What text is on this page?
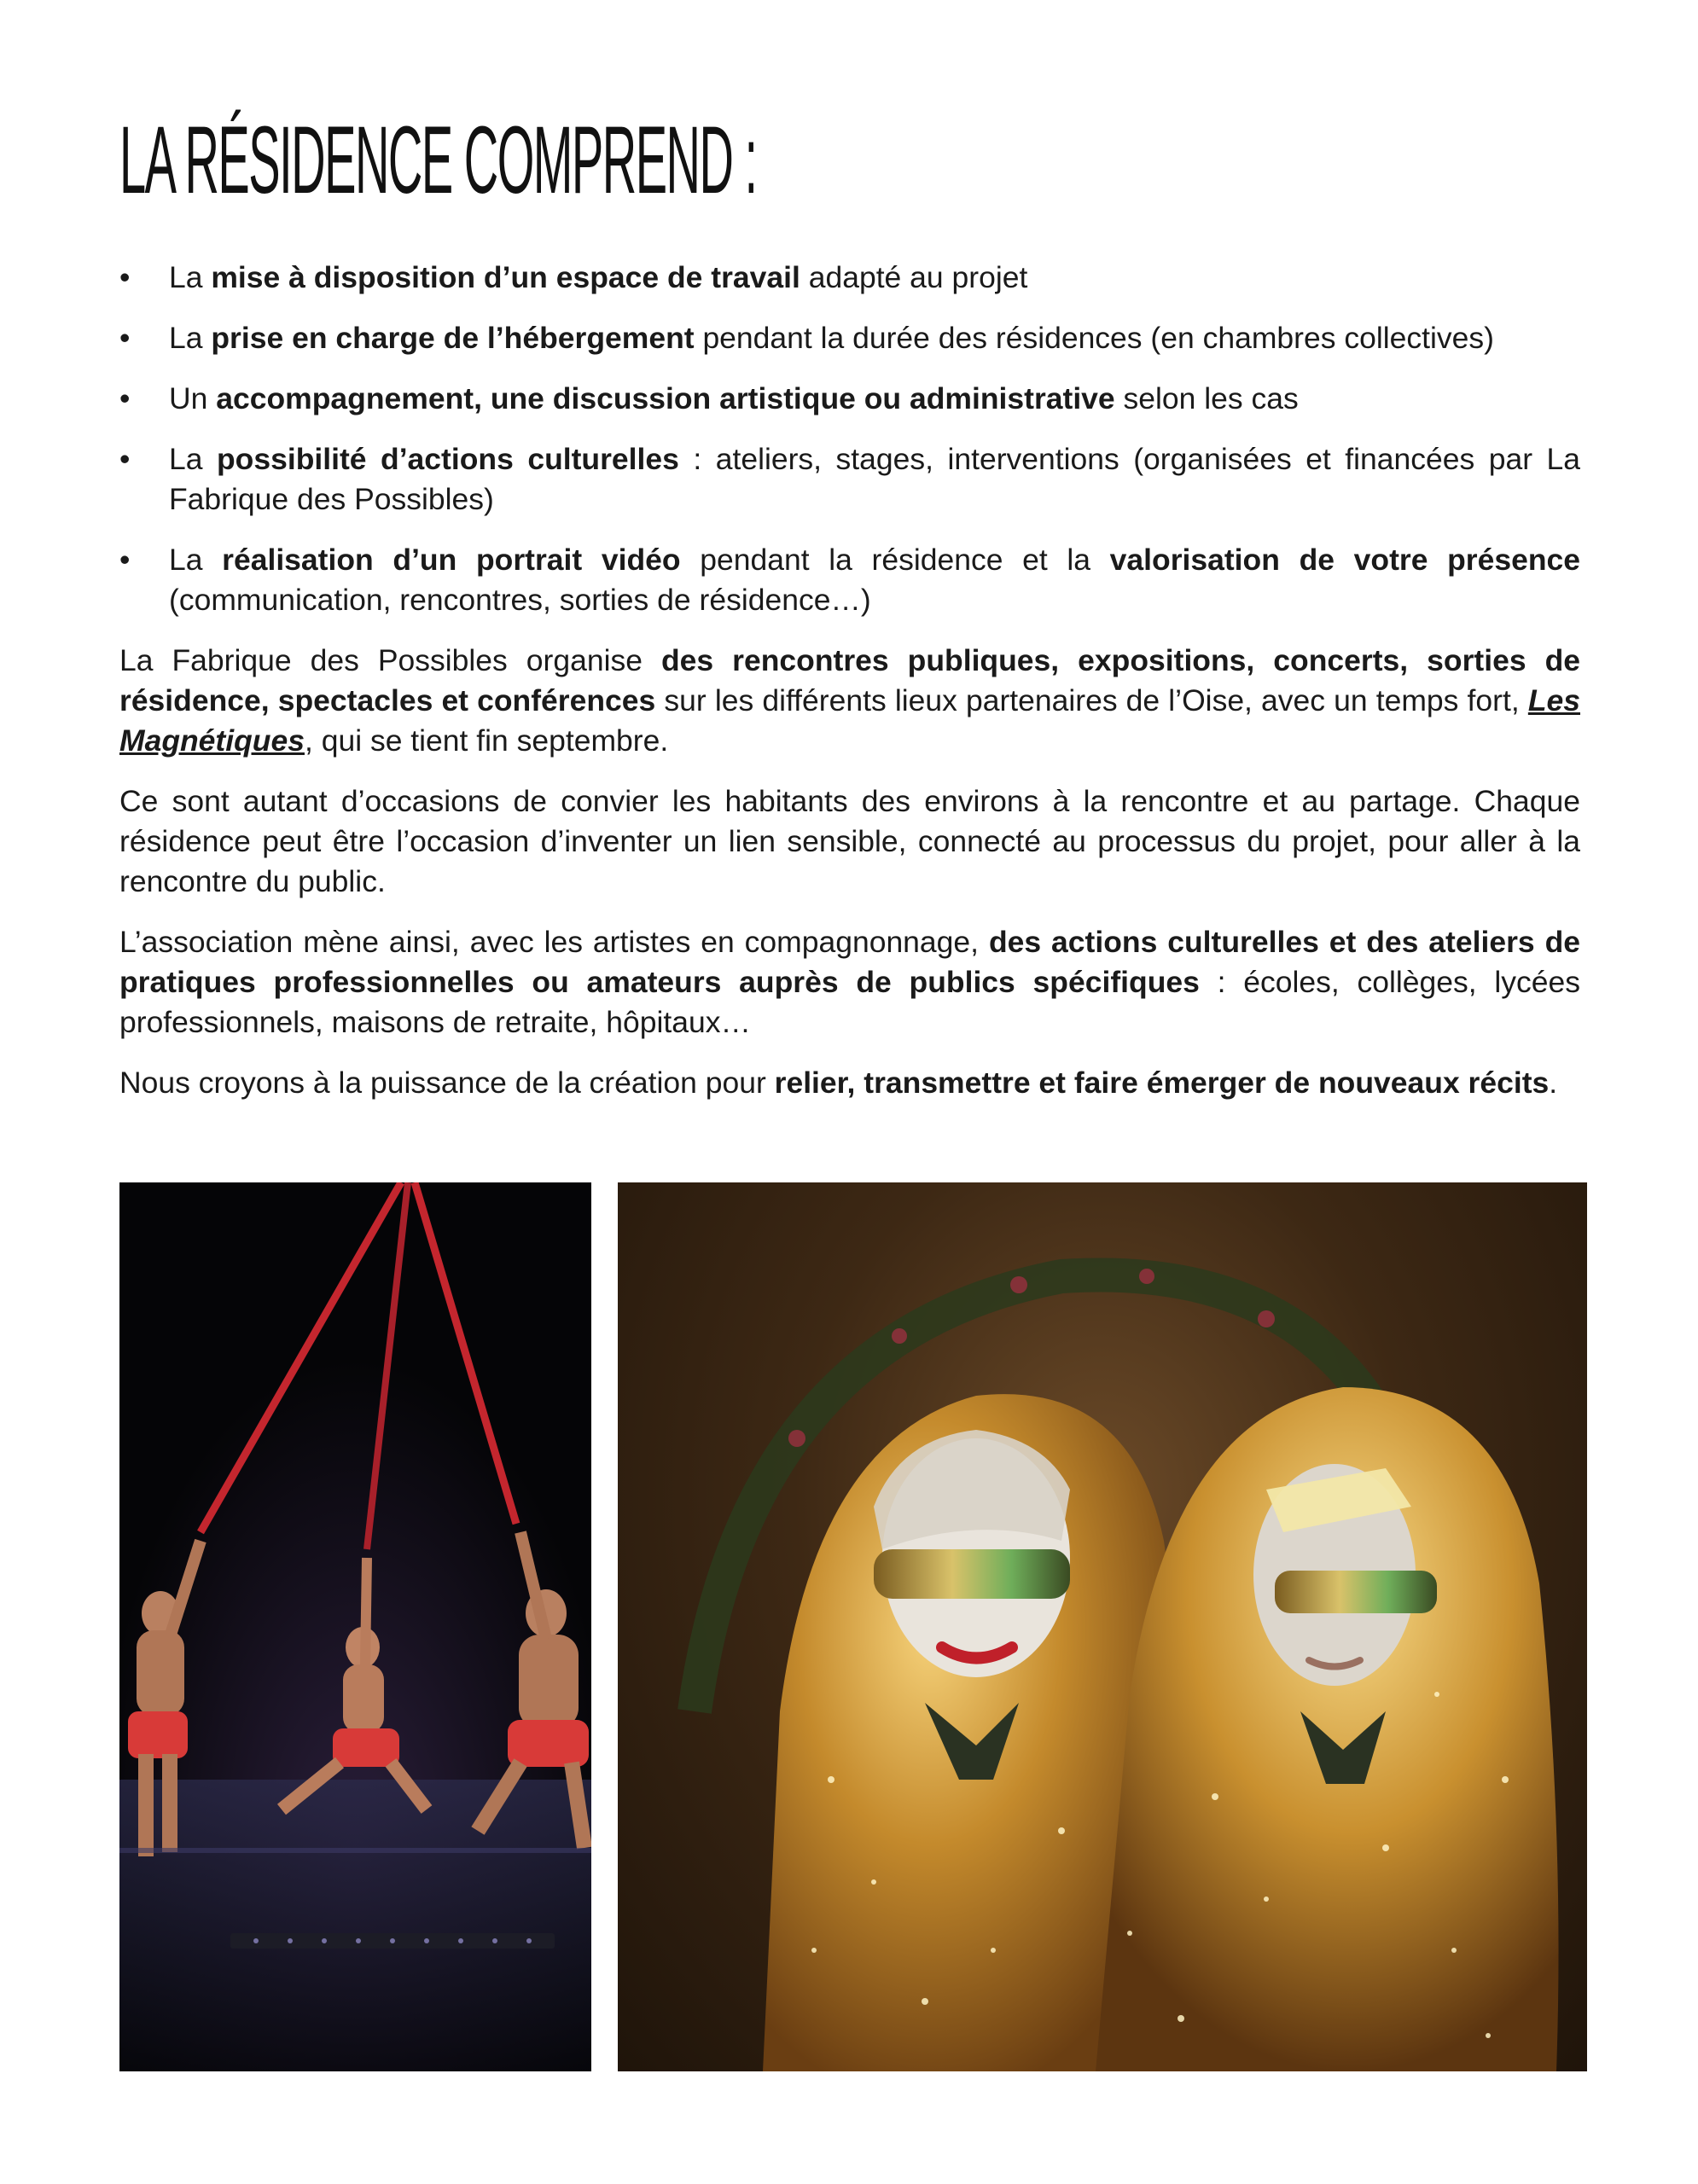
LA RÉSIDENCE COMPREND :
•	La mise à disposition d’un espace de travail adapté au projet
•	La prise en charge de l’hébergement pendant la durée des résidences (en chambres collectives)
•	Un accompagnement, une discussion artistique ou administrative selon les cas
•	La possibilité d’actions culturelles : ateliers, stages, interventions (organisées et financées par La Fabrique des Possibles)
•	La réalisation d’un portrait vidéo pendant la résidence et la valorisation de votre présence (communication, rencontres, sorties de résidence…)

La Fabrique des Possibles organise des rencontres publiques, expositions, concerts, sorties de résidence, spectacles et conférences sur les différents lieux partenaires de l’Oise, avec un temps fort, Les Magnétiques, qui se tient fin septembre.

Ce sont autant d’occasions de convier les habitants des environs à la rencontre et au partage. Chaque résidence peut être l’occasion d’inventer un lien sensible, connecté au processus du projet, pour aller à la rencontre du public.

L’association mène ainsi, avec les artistes en compagnonnage, des actions culturelles et des ateliers de pratiques professionnelles ou amateurs auprès de publics spécifiques : écoles, collèges, lycées professionnels, maisons de retraite, hôpitaux…

Nous croyons à la puissance de la création pour relier, transmettre et faire émerger de nouveaux récits.
